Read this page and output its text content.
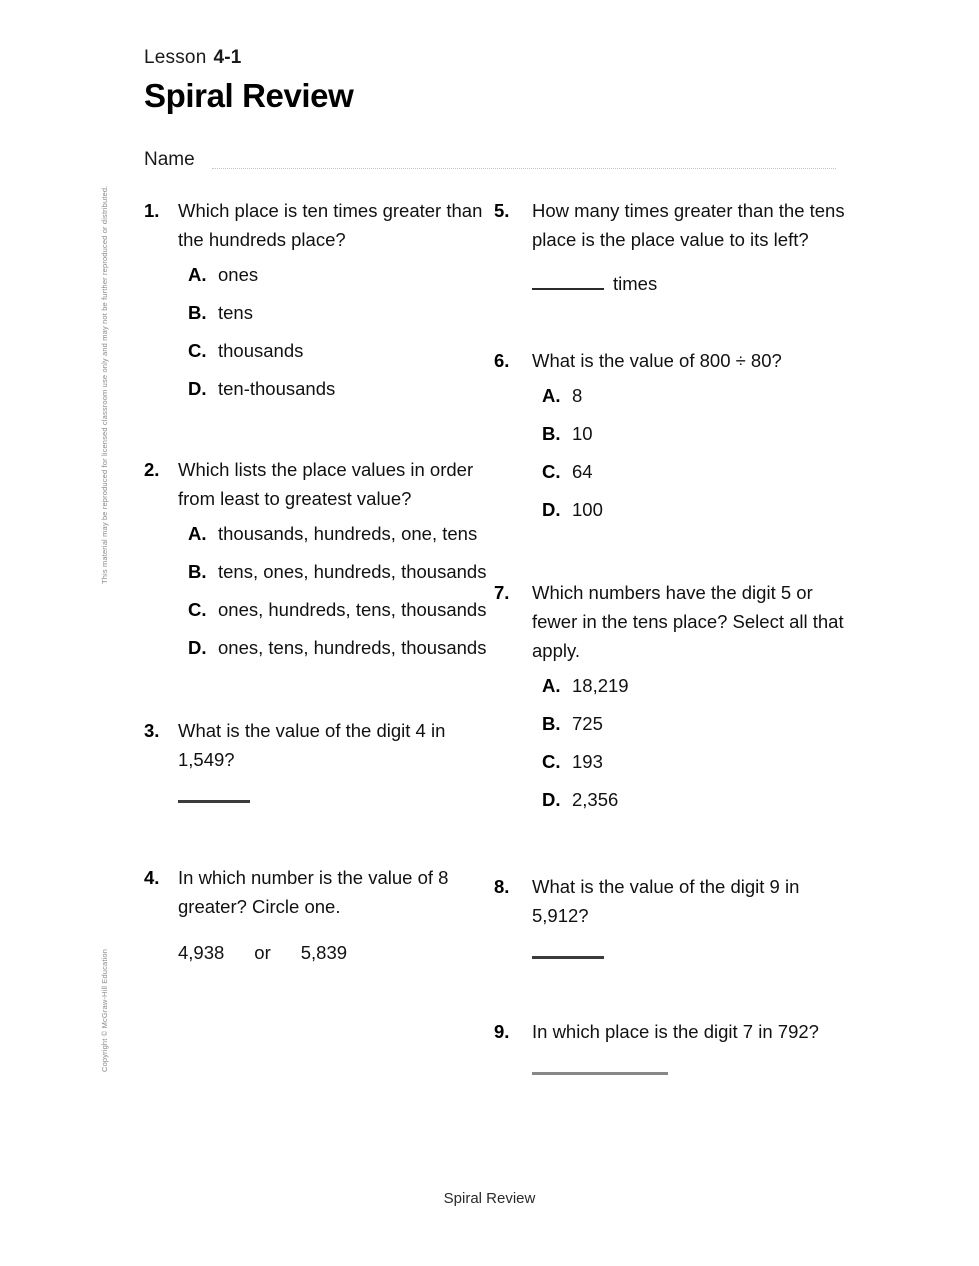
Lesson 4-1
Spiral Review
Name
This material may be reproduced for licensed classroom use only and may not be further reproduced or distributed.
Copyright © McGraw-Hill Education
1.	Which place is ten times greater than the hundreds place?
A. ones
B. tens
C. thousands
D. ten-thousands
2.	Which lists the place values in order from least to greatest value?
A. thousands, hundreds, one, tens
B. tens, ones, hundreds, thousands
C. ones, hundreds, tens, thousands
D. ones, tens, hundreds, thousands
3.	What is the value of the digit 4 in 1,549?
4.	In which number is the value of 8 greater? Circle one.
4,938 or 5,839
5.	How many times greater than the tens place is the place value to its left?
times
6.	What is the value of 800 ÷ 80?
A. 8
B. 10
C. 64
D. 100
7.	Which numbers have the digit 5 or fewer in the tens place? Select all that apply.
A. 18,219
B. 725
C. 193
D. 2,356
8.	What is the value of the digit 9 in 5,912?
9.	In which place is the digit 7 in 792?
Spiral Review
